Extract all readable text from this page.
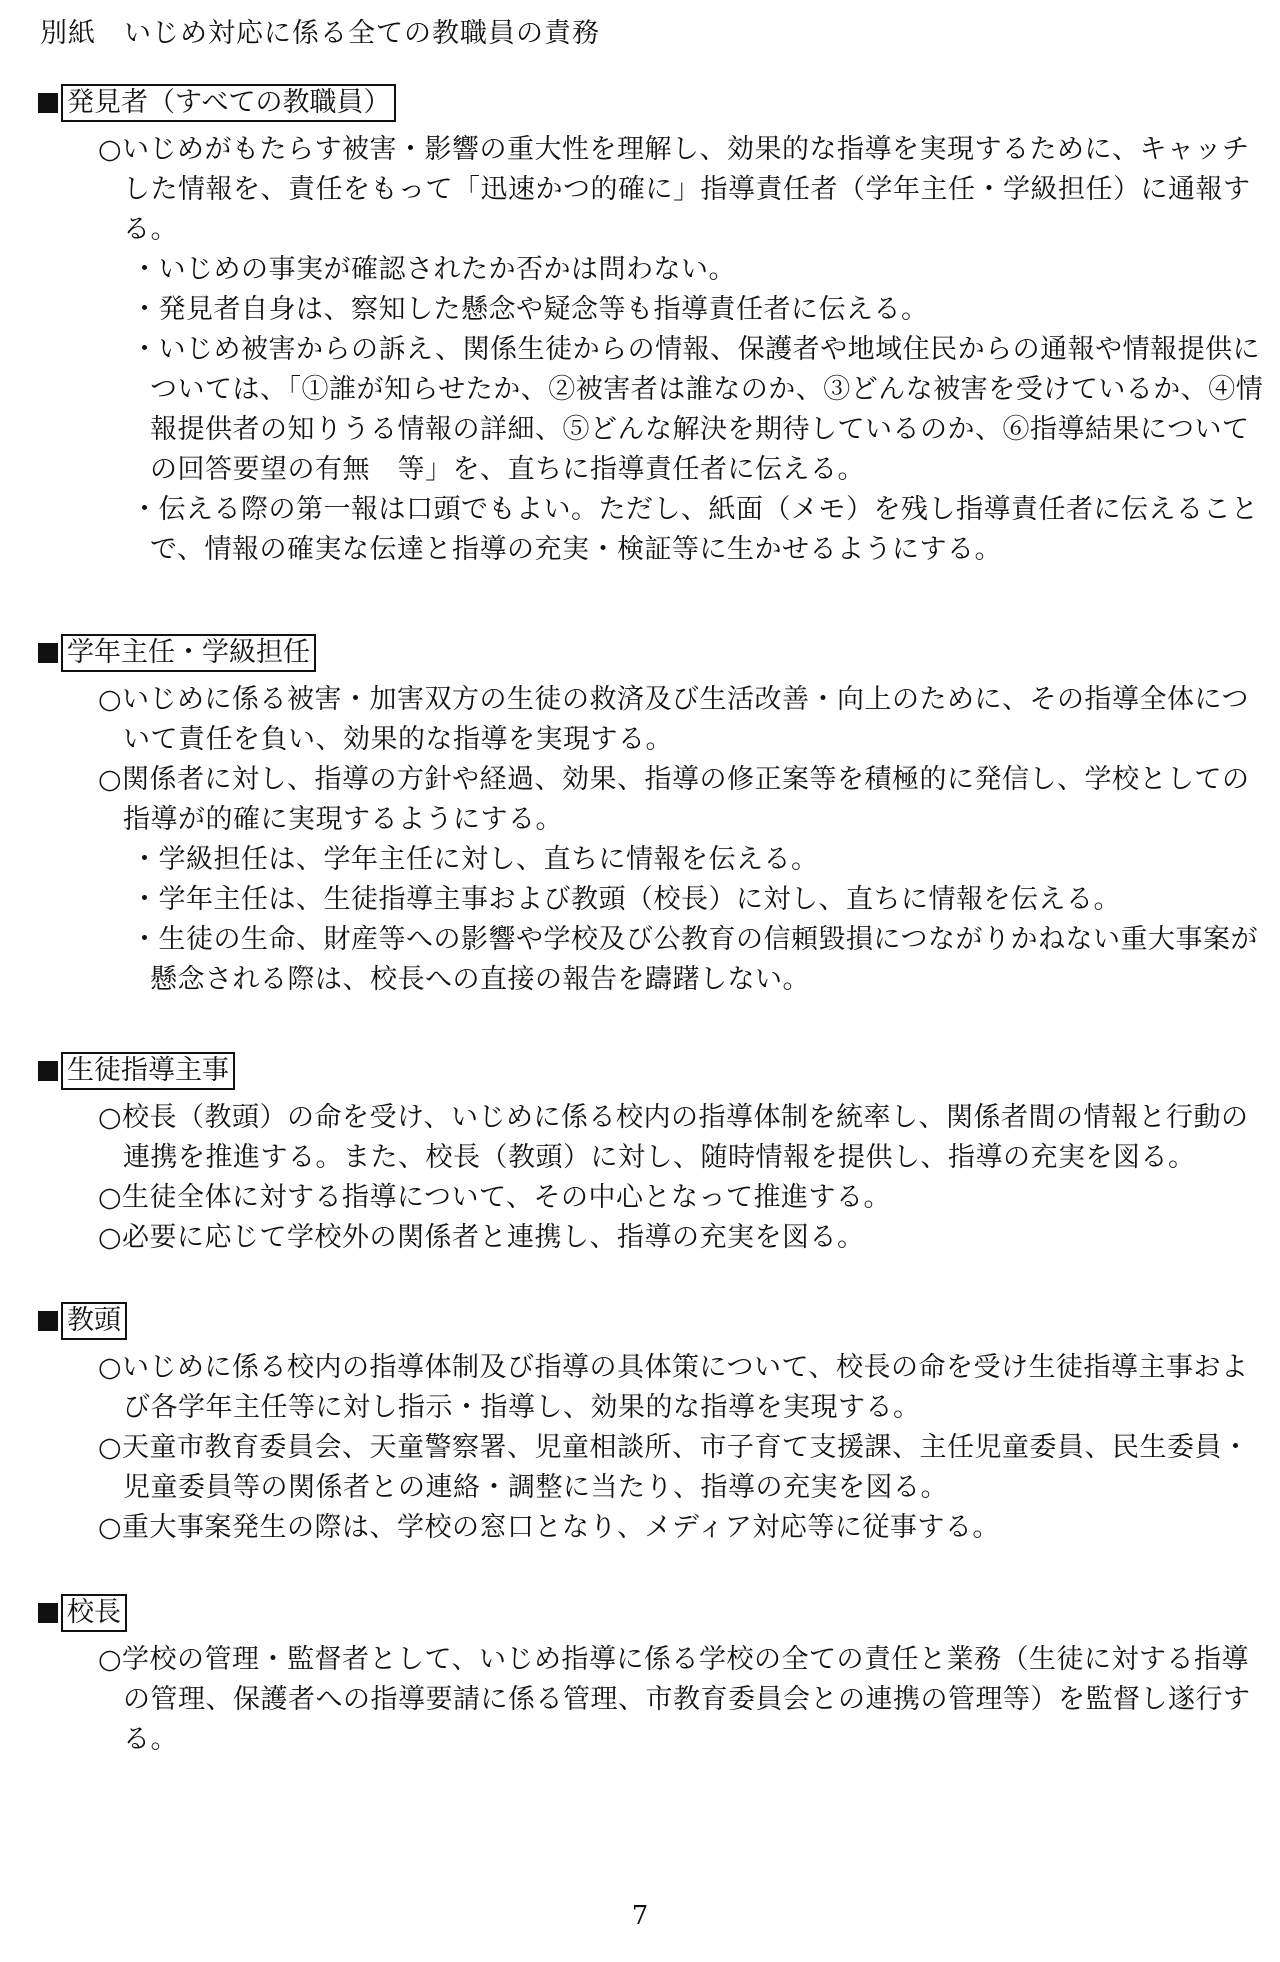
別紙　いじめ対応に係る全ての教職員の責務
発見者（すべての教職員）
○いじめがもたらす被害・影響の重大性を理解し、効果的な指導を実現するために、キャッチ
した情報を、責任をもって「迅速かつ的確に」指導責任者（学年主任・学級担任）に通報す
る。
・いじめの事実が確認されたか否かは問わない。
・発見者自身は、察知した懸念や疑念等も指導責任者に伝える。
・いじめ被害からの訴え、関係生徒からの情報、保護者や地域住民からの通報や情報提供に
ついては、「①誰が知らせたか、②被害者は誰なのか、③どんな被害を受けているか、④情
報提供者の知りうる情報の詳細、⑤どんな解決を期待しているのか、⑥指導結果について
の回答要望の有無　等」を、直ちに指導責任者に伝える。
・伝える際の第一報は口頭でもよい。ただし、紙面（メモ）を残し指導責任者に伝えること
で、情報の確実な伝達と指導の充実・検証等に生かせるようにする。
学年主任・学級担任
○いじめに係る被害・加害双方の生徒の救済及び生活改善・向上のために、その指導全体につ
いて責任を負い、効果的な指導を実現する。
○関係者に対し、指導の方針や経過、効果、指導の修正案等を積極的に発信し、学校としての
指導が的確に実現するようにする。
・学級担任は、学年主任に対し、直ちに情報を伝える。
・学年主任は、生徒指導主事および教頭（校長）に対し、直ちに情報を伝える。
・生徒の生命、財産等への影響や学校及び公教育の信頼毀損につながりかねない重大事案が
懸念される際は、校長への直接の報告を躊躇しない。
生徒指導主事
○校長（教頭）の命を受け、いじめに係る校内の指導体制を統率し、関係者間の情報と行動の
連携を推進する。また、校長（教頭）に対し、随時情報を提供し、指導の充実を図る。
○生徒全体に対する指導について、その中心となって推進する。
○必要に応じて学校外の関係者と連携し、指導の充実を図る。
教頭
○いじめに係る校内の指導体制及び指導の具体策について、校長の命を受け生徒指導主事およ
び各学年主任等に対し指示・指導し、効果的な指導を実現する。
○天童市教育委員会、天童警察署、児童相談所、市子育て支援課、主任児童委員、民生委員・
児童委員等の関係者との連絡・調整に当たり、指導の充実を図る。
○重大事案発生の際は、学校の窓口となり、メディア対応等に従事する。
校長
○学校の管理・監督者として、いじめ指導に係る学校の全ての責任と業務（生徒に対する指導
の管理、保護者への指導要請に係る管理、市教育委員会との連携の管理等）を監督し遂行す
る。
7
